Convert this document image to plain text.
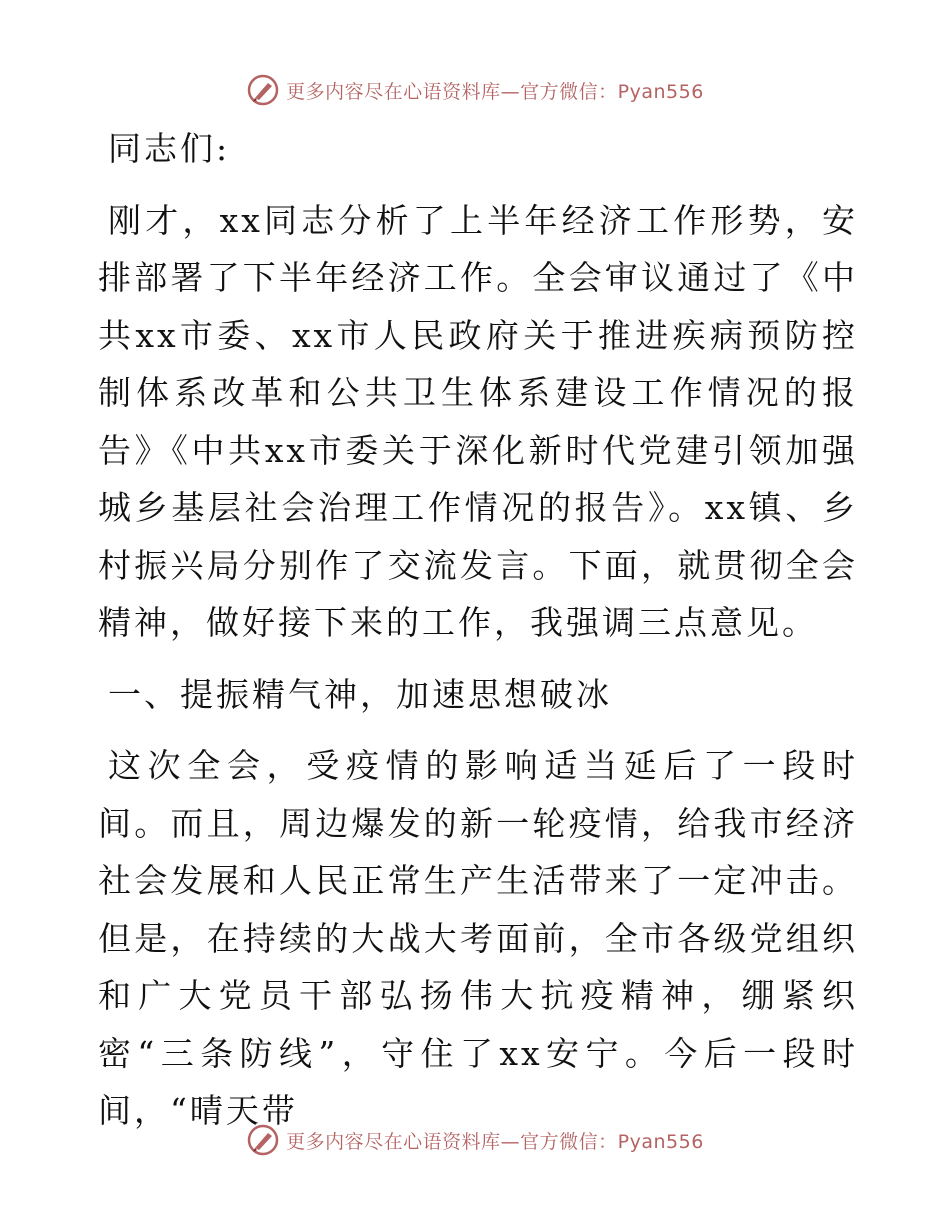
更多内容尽在心语资料库—官方微信：Pyan556

同志们:

刚才，xx同志分析了上半年经济工作形势，安排部署了下半年经济工作。全会审议通过了《中共xx市委、xx市人民政府关于推进疾病预防控制体系改革和公共卫生体系建设工作情况的报告》《中共xx市委关于深化新时代党建引领加强城乡基层社会治理工作情况的报告》。xx镇、乡村振兴局分别作了交流发言。下面，就贯彻全会精神，做好接下来的工作，我强调三点意见。

一、提振精气神，加速思想破冰

这次全会，受疫情的影响适当延后了一段时间。而且，周边爆发的新一轮疫情，给我市经济社会发展和人民正常生产生活带来了一定冲击。但是，在持续的大战大考面前，全市各级党组织和广大党员干部弘扬伟大抗疫精神，绷紧织密“三条防线”，守住了xx安宁。今后一段时间，“晴天带

更多内容尽在心语资料库—官方微信：Pyan556
